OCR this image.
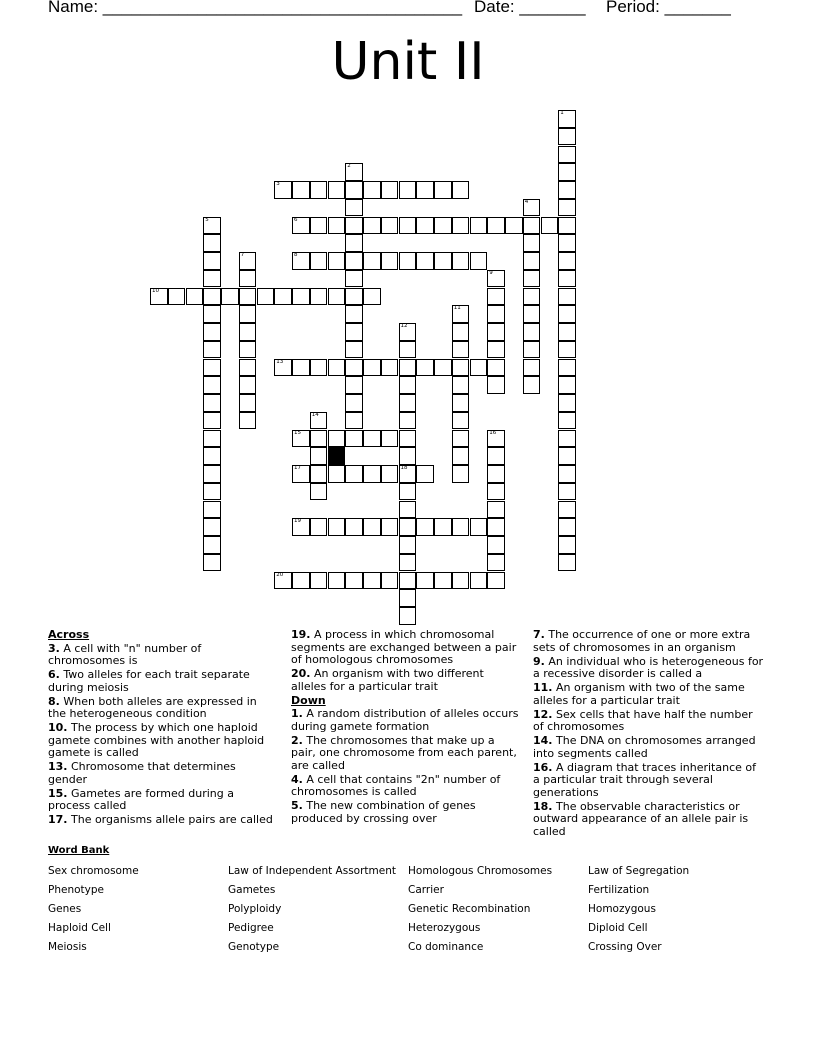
Name: ______________________________________ Date: _______ Period: _______
Unit II
3
6
8
10
13
15
17	18
19
20
1
2
4
5
7
9
11
12
14
16
Across
3. A cell with "n" number of chromosomes is
6. Two alleles for each trait separate during meiosis
8. When both alleles are expressed in the heterogeneous condition
10. The process by which one haploid gamete combines with another haploid gamete is called
13. Chromosome that determines gender
15. Gametes are formed during a process called
17. The organisms allele pairs are called
19. A process in which chromosomal segments are exchanged between a pair of homologous chromosomes
20. An organism with two different alleles for a particular trait
Down
1. A random distribution of alleles occurs during gamete formation
2. The chromosomes that make up a pair, one chromosome from each parent, are called
4. A cell that contains "2n" number of chromosomes is called
5. The new combination of genes produced by crossing over
7. The occurrence of one or more extra sets of chromosomes in an organism
9. An individual who is heterogeneous for a recessive disorder is called a
11. An organism with two of the same alleles for a particular trait
12. Sex cells that have half the number of chromosomes
14. The DNA on chromosomes arranged into segments called
16. A diagram that traces inheritance of a particular trait through several generations
18. The observable characteristics or outward appearance of an allele pair is called
Word Bank
Sex chromosome
Phenotype
Genes
Haploid Cell
Meiosis
Law of Independent Assortment
Gametes
Polyploidy
Pedigree
Genotype
Homologous Chromosomes
Carrier
Genetic Recombination
Heterozygous
Co dominance
Law of Segregation
Fertilization
Homozygous
Diploid Cell
Crossing Over
